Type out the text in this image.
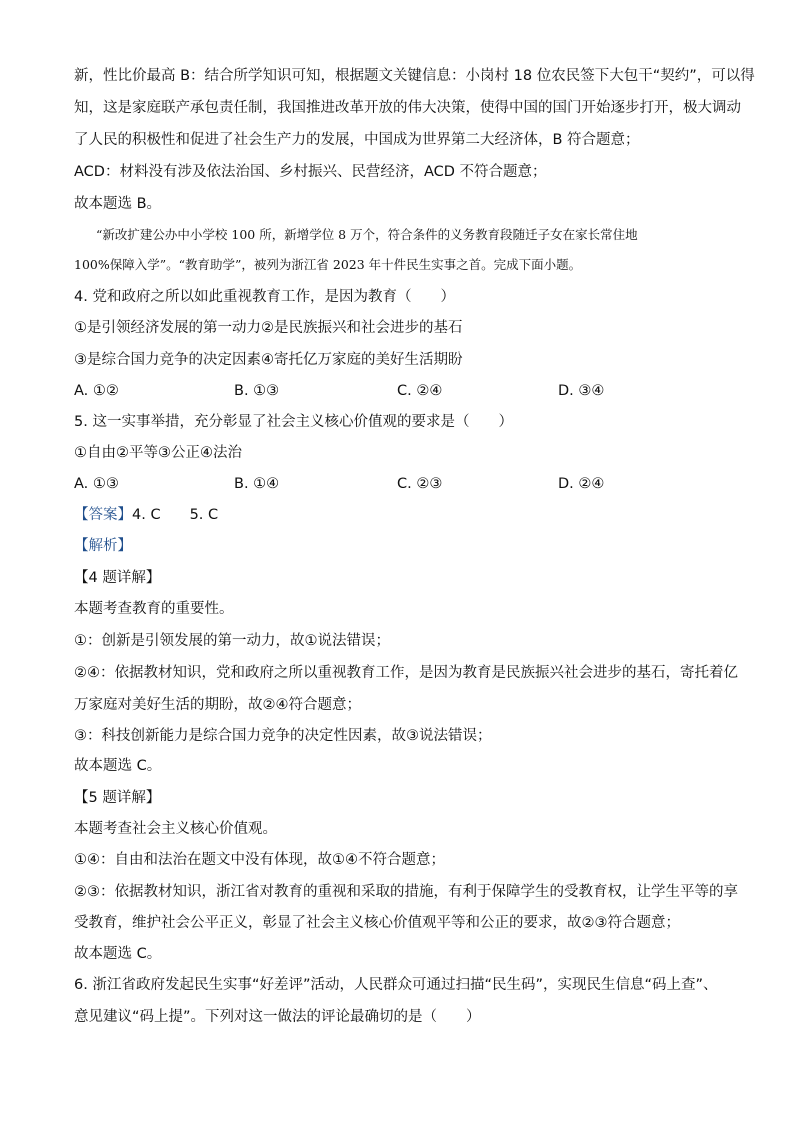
新，性比价最高 B：结合所学知识可知，根据题文关键信息：小岗村 18 位农民签下大包干“契约”，可以得
知，这是家庭联产承包责任制，我国推进改革开放的伟大决策，使得中国的国门开始逐步打开，极大调动
了人民的积极性和促进了社会生产力的发展，中国成为世界第二大经济体，B 符合题意；
ACD：材料没有涉及依法治国、乡村振兴、民营经济，ACD 不符合题意；
故本题选 B。
“新改扩建公办中小学校 100 所，新增学位 8 万个，符合条件的义务教育段随迁子女在家长常住地
100%保障入学”。“教育助学”，被列为浙江省 2023 年十件民生实事之首。完成下面小题。
4. 党和政府之所以如此重视教育工作，是因为教育（　　）
①是引领经济发展的第一动力②是民族振兴和社会进步的基石
③是综合国力竞争的决定因素④寄托亿万家庭的美好生活期盼
A. ①②	B. ①③	C. ②④	D. ③④
5. 这一实事举措，充分彰显了社会主义核心价值观的要求是（　　）
①自由②平等③公正④法治
A. ①③	B. ①④	C. ②③	D. ②④
【答案】4. C　　5. C
【解析】
【4 题详解】
本题考查教育的重要性。
①：创新是引领发展的第一动力，故①说法错误；
②④：依据教材知识，党和政府之所以重视教育工作，是因为教育是民族振兴社会进步的基石，寄托着亿
万家庭对美好生活的期盼，故②④符合题意；
③：科技创新能力是综合国力竞争的决定性因素，故③说法错误；
故本题选 C。
【5 题详解】
本题考查社会主义核心价值观。
①④：自由和法治在题文中没有体现，故①④不符合题意；
②③：依据教材知识，浙江省对教育的重视和采取的措施，有利于保障学生的受教育权，让学生平等的享
受教育，维护社会公平正义，彰显了社会主义核心价值观平等和公正的要求，故②③符合题意；
故本题选 C。
6. 浙江省政府发起民生实事“好差评”活动，人民群众可通过扫描“民生码”，实现民生信息“码上查”、
意见建议“码上提”。下列对这一做法的评论最确切的是（　　）
